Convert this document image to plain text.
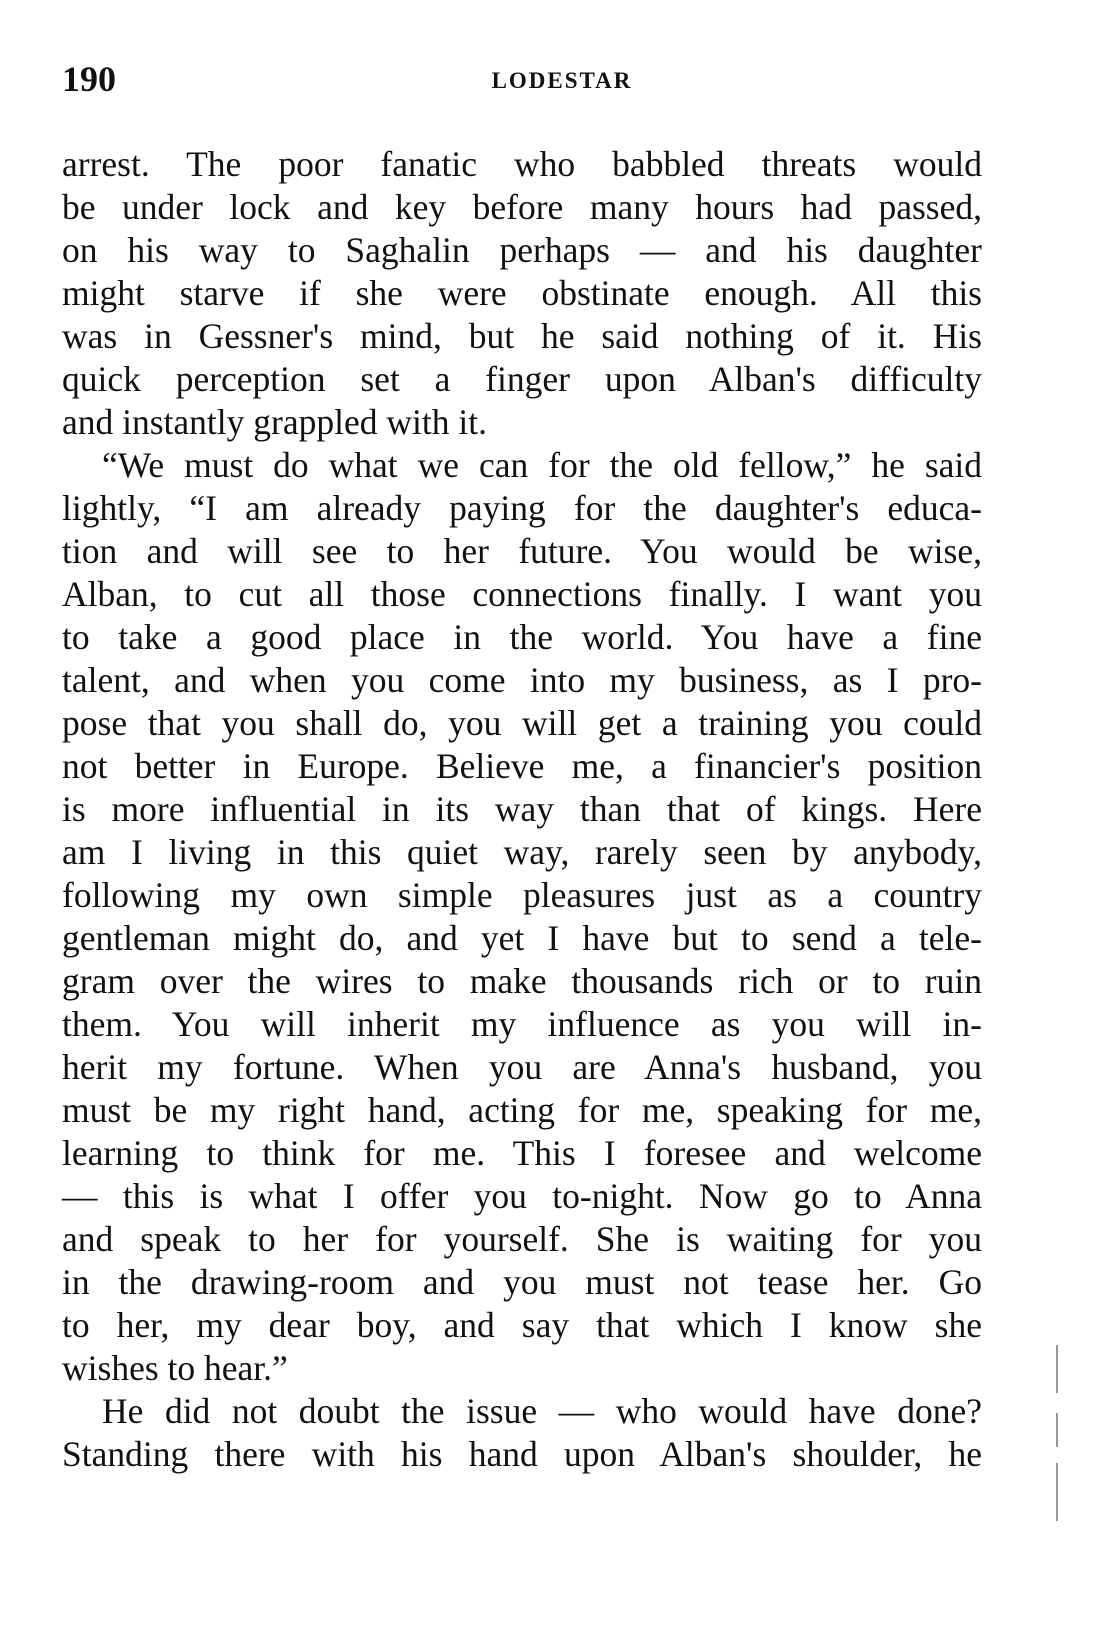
190	LODESTAR
arrest. The poor fanatic who babbled threats would
be under lock and key before many hours had passed,
on his way to Saghalin perhaps — and his daughter
might starve if she were obstinate enough. All this
was in Gessner's mind, but he said nothing of it. His
quick perception set a finger upon Alban's difficulty
and instantly grappled with it.
“We must do what we can for the old fellow,” he said
lightly, “I am already paying for the daughter's educa-
tion and will see to her future. You would be wise,
Alban, to cut all those connections finally. I want you
to take a good place in the world. You have a fine
talent, and when you come into my business, as I pro-
pose that you shall do, you will get a training you could
not better in Europe. Believe me, a financier's position
is more influential in its way than that of kings. Here
am I living in this quiet way, rarely seen by anybody,
following my own simple pleasures just as a country
gentleman might do, and yet I have but to send a tele-
gram over the wires to make thousands rich or to ruin
them. You will inherit my influence as you will in-
herit my fortune. When you are Anna's husband, you
must be my right hand, acting for me, speaking for me,
learning to think for me. This I foresee and welcome
— this is what I offer you to-night. Now go to Anna
and speak to her for yourself. She is waiting for you
in the drawing-room and you must not tease her. Go
to her, my dear boy, and say that which I know she
wishes to hear.”
He did not doubt the issue — who would have done?
Standing there with his hand upon Alban's shoulder, he
